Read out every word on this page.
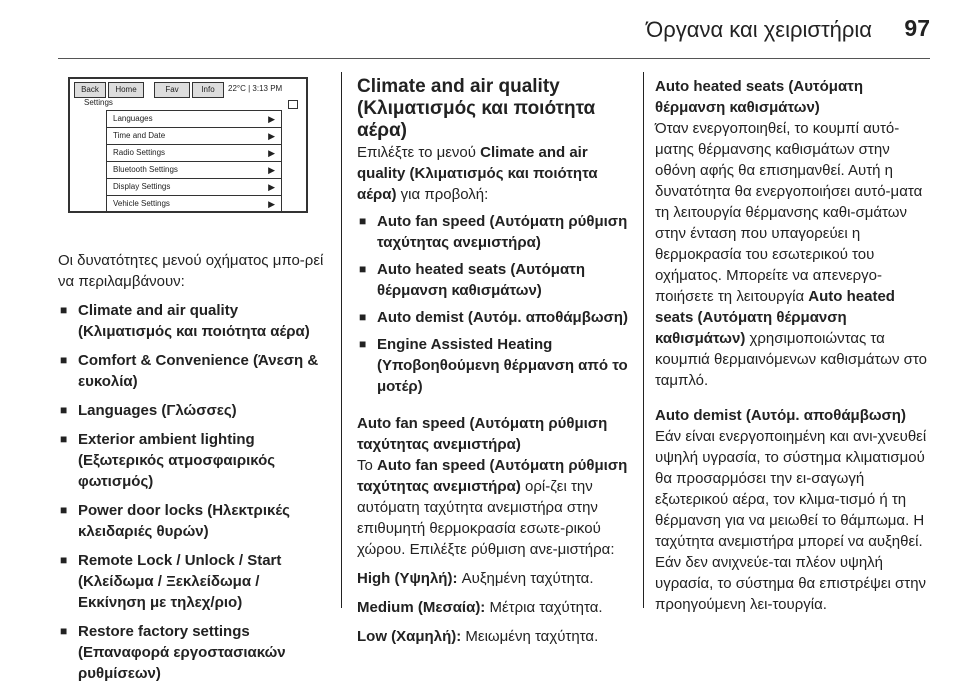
Όργανα και χειριστήρια 97
Back	Home	Fav	Info	22°C | 3:13 PM
Settings
Languages	▶
Time and Date	▶
Radio Settings	▶
Bluetooth Settings	▶
Display Settings	▶
Vehicle Settings	▶

Οι δυνατότητες μενού οχήματος μπο-ρεί να περιλαμβάνουν:

■ Climate and air quality (Κλιματισμός και ποιότητα αέρα)
■ Comfort & Convenience (Άνεση & ευκολία)
■ Languages (Γλώσσες)
■ Exterior ambient lighting (Εξωτερικός ατμοσφαιρικός φωτισμός)
■ Power door locks (Ηλεκτρικές κλειδαριές θυρών)
■ Remote Lock / Unlock / Start (Κλείδωμα / Ξεκλείδωμα / Εκκίνηση με τηλεχ/ριο)
■ Restore factory settings (Επαναφορά εργοστασιακών ρυθμίσεων)

Climate and air quality (Κλιματισμός και ποιότητα αέρα)

Επιλέξτε το μενού Climate and air quality (Κλιματισμός και ποιότητα αέρα) για προβολή:

■ Auto fan speed (Αυτόματη ρύθμιση ταχύτητας ανεμιστήρα)
■ Auto heated seats (Αυτόματη θέρμανση καθισμάτων)
■ Auto demist (Αυτόμ. αποθάμβωση)
■ Engine Assisted Heating (Υποβοηθούμενη θέρμανση από το μοτέρ)

Auto fan speed (Αυτόματη ρύθμιση ταχύτητας ανεμιστήρα)

Το Auto fan speed (Αυτόματη ρύθμιση ταχύτητας ανεμιστήρα) ορί-ζει την αυτόματη ταχύτητα ανεμιστήρα στην επιθυμητή θερμοκρασία εσωτε-ρικού χώρου. Επιλέξτε ρύθμιση ανε-μιστήρα:

High (Υψηλή): Αυξημένη ταχύτητα.

Medium (Μεσαία): Μέτρια ταχύτητα.

Low (Χαμηλή): Μειωμένη ταχύτητα.

Auto heated seats (Αυτόματη θέρμανση καθισμάτων)

Όταν ενεργοποιηθεί, το κουμπί αυτό-ματης θέρμανσης καθισμάτων στην οθόνη αφής θα επισημανθεί. Αυτή η δυνατότητα θα ενεργοποιήσει αυτό-ματα τη λειτουργία θέρμανσης καθι-σμάτων στην ένταση που υπαγορεύει η θερμοκρασία του εσωτερικού του οχήματος. Μπορείτε να απενεργο-ποιήσετε τη λειτουργία Auto heated seats (Αυτόματη θέρμανση καθισμάτων) χρησιμοποιώντας τα κουμπιά θερμαινόμενων καθισμάτων στο ταμπλό.

Auto demist (Αυτόμ. αποθάμβωση)

Εάν είναι ενεργοποιημένη και ανι-χνευθεί υψηλή υγρασία, το σύστημα κλιματισμού θα προσαρμόσει την ει-σαγωγή εξωτερικού αέρα, τον κλιμα-τισμό ή τη θέρμανση για να μειωθεί το θάμπωμα. Η ταχύτητα ανεμιστήρα μπορεί να αυξηθεί. Εάν δεν ανιχνεύε-ται πλέον υψηλή υγρασία, το σύστημα θα επιστρέψει στην προηγούμενη λει-τουργία.
